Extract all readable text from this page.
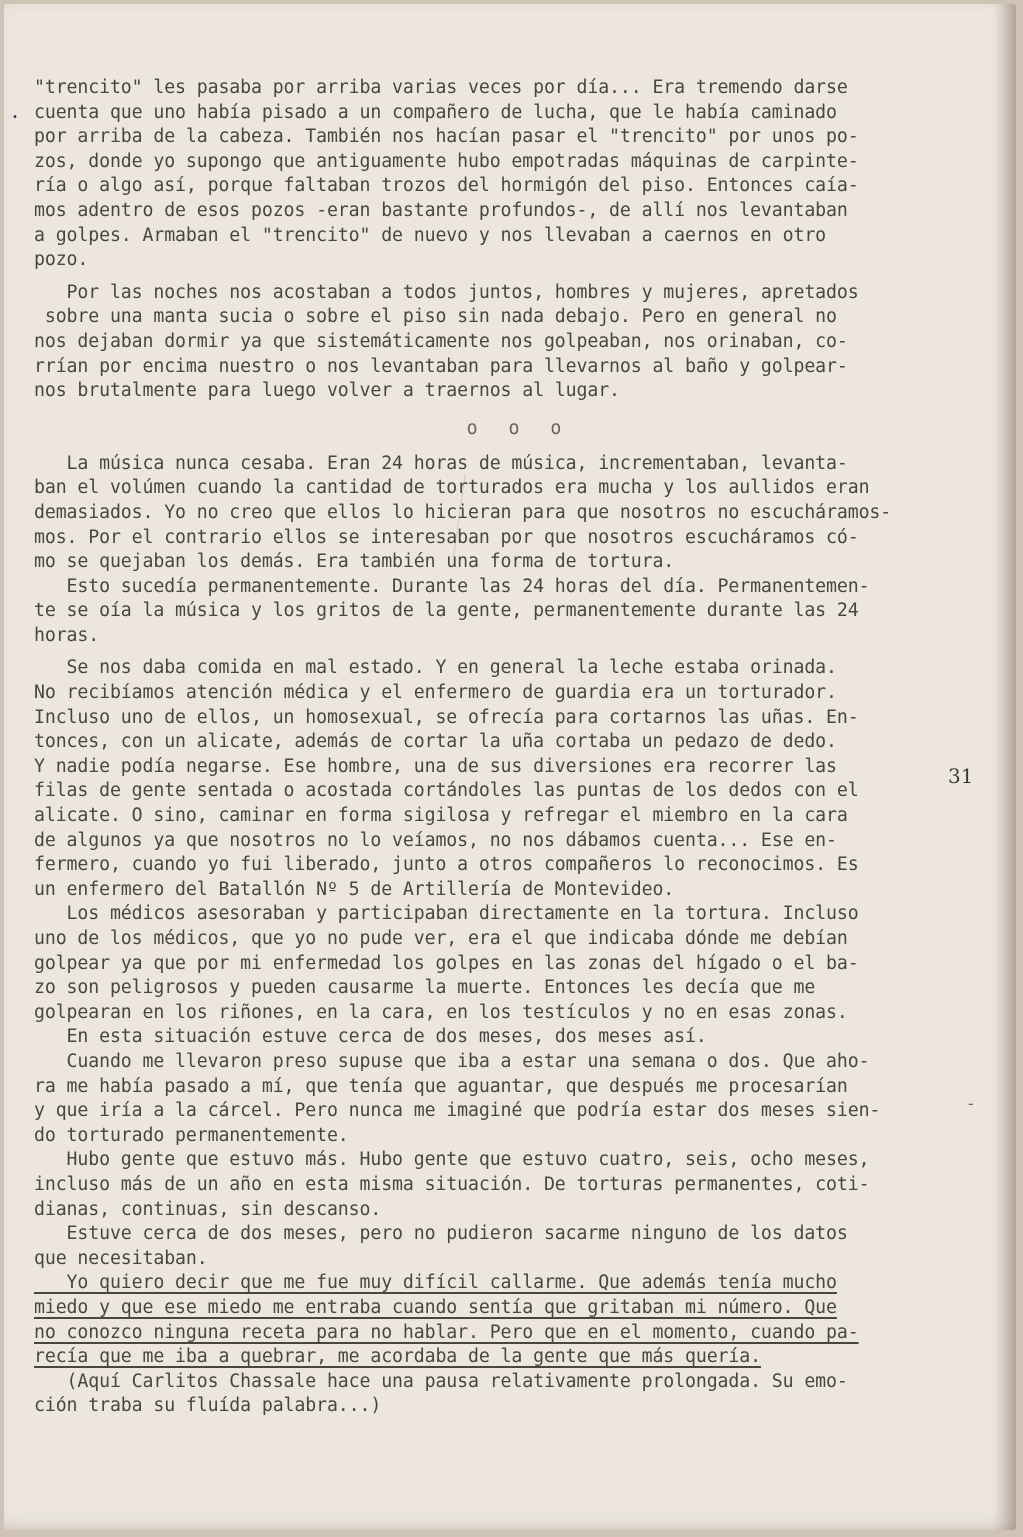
•
"trencito" les pasaba por arriba varias veces por día... Era tremendo darse
cuenta que uno había pisado a un compañero de lucha, que le había caminado
por arriba de la cabeza. También nos hacían pasar el "trencito" por unos po-
zos, donde yo supongo que antiguamente hubo empotradas máquinas de carpinte-
ría o algo así, porque faltaban trozos del hormigón del piso. Entonces caía-
mos adentro de esos pozos -eran bastante profundos-, de allí nos levantaban
a golpes. Armaban el "trencito" de nuevo y nos llevaban a caernos en otro
pozo.
Por las noches nos acostaban a todos juntos, hombres y mujeres, apretados
sobre una manta sucia o sobre el piso sin nada debajo. Pero en general no
nos dejaban dormir ya que sistemáticamente nos golpeaban, nos orinaban, co-
rrían por encima nuestro o nos levantaban para llevarnos al baño y golpear-
nos brutalmente para luego volver a traernos al lugar.
o o o
La música nunca cesaba. Eran 24 horas de música, incrementaban, levanta-
ban el volúmen cuando la cantidad de torturados era mucha y los aullidos eran
demasiados. Yo no creo que ellos lo hicieran para que nosotros no escucháramos-
mos. Por el contrario ellos se interesaban por que nosotros escucháramos có-
mo se quejaban los demás. Era también una forma de tortura.
Esto sucedía permanentemente. Durante las 24 horas del día. Permanentemen-
te se oía la música y los gritos de la gente, permanentemente durante las 24
horas.
Se nos daba comida en mal estado. Y en general la leche estaba orinada.
No recibíamos atención médica y el enfermero de guardia era un torturador.
Incluso uno de ellos, un homosexual, se ofrecía para cortarnos las uñas. En-
tonces, con un alicate, además de cortar la uña cortaba un pedazo de dedo.
Y nadie podía negarse. Ese hombre, una de sus diversiones era recorrer las
filas de gente sentada o acostada cortándoles las puntas de los dedos con el
alicate. O sino, caminar en forma sigilosa y refregar el miembro en la cara
de algunos ya que nosotros no lo veíamos, no nos dábamos cuenta... Ese en-
fermero, cuando yo fui liberado, junto a otros compañeros lo reconocimos. Es
un enfermero del Batallón Nº 5 de Artillería de Montevideo.
Los médicos asesoraban y participaban directamente en la tortura. Incluso
uno de los médicos, que yo no pude ver, era el que indicaba dónde me debían
golpear ya que por mi enfermedad los golpes en las zonas del hígado o el ba-
zo son peligrosos y pueden causarme la muerte. Entonces les decía que me
golpearan en los riñones, en la cara, en los testículos y no en esas zonas.
En esta situación estuve cerca de dos meses, dos meses así.
Cuando me llevaron preso supuse que iba a estar una semana o dos. Que aho-
ra me había pasado a mí, que tenía que aguantar, que después me procesarían
y que iría a la cárcel. Pero nunca me imaginé que podría estar dos meses sien-
do torturado permanentemente.
Hubo gente que estuvo más. Hubo gente que estuvo cuatro, seis, ocho meses,
incluso más de un año en esta misma situación. De torturas permanentes, coti-
dianas, continuas, sin descanso.
Estuve cerca de dos meses, pero no pudieron sacarme ninguno de los datos
que necesitaban.
Yo quiero decir que me fue muy difícil callarme. Que además tenía mucho
miedo y que ese miedo me entraba cuando sentía que gritaban mi número. Que
no conozco ninguna receta para no hablar. Pero que en el momento, cuando pa-
recía que me iba a quebrar, me acordaba de la gente que más quería.
(Aquí Carlitos Chassale hace una pausa relativamente prolongada. Su emo-
ción traba su fluída palabra...)
31
-
